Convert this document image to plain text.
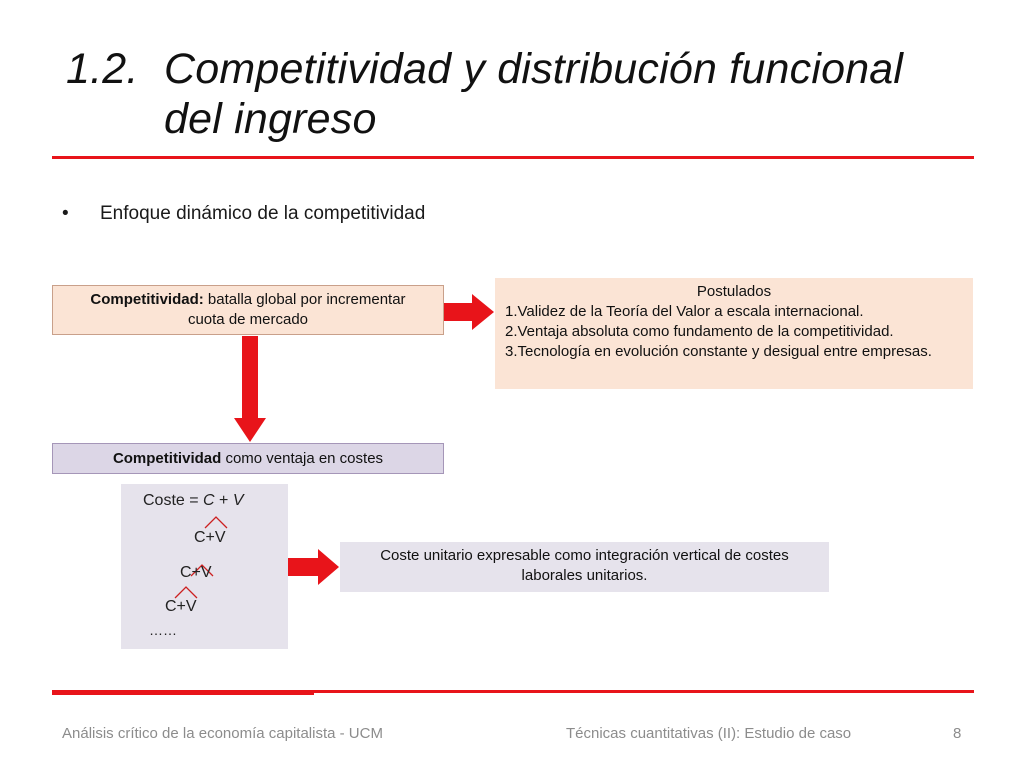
1.2. Competitividad y distribución funcional
del ingreso
• Enfoque dinámico de la competitividad
Competitividad: batalla global por incrementar
cuota de mercado
Postulados
1.Validez de la Teoría del Valor a escala internacional.
2.Ventaja absoluta como fundamento de la competitividad.
3.Tecnología en evolución constante y desigual entre empresas.
Competitividad como ventaja en costes
Coste = C + V
C+V
C+V
C+V
……
Coste unitario expresable como integración vertical de costes
laborales unitarios.
Análisis crítico de la economía capitalista - UCM	Técnicas cuantitativas (II): Estudio de caso	8
